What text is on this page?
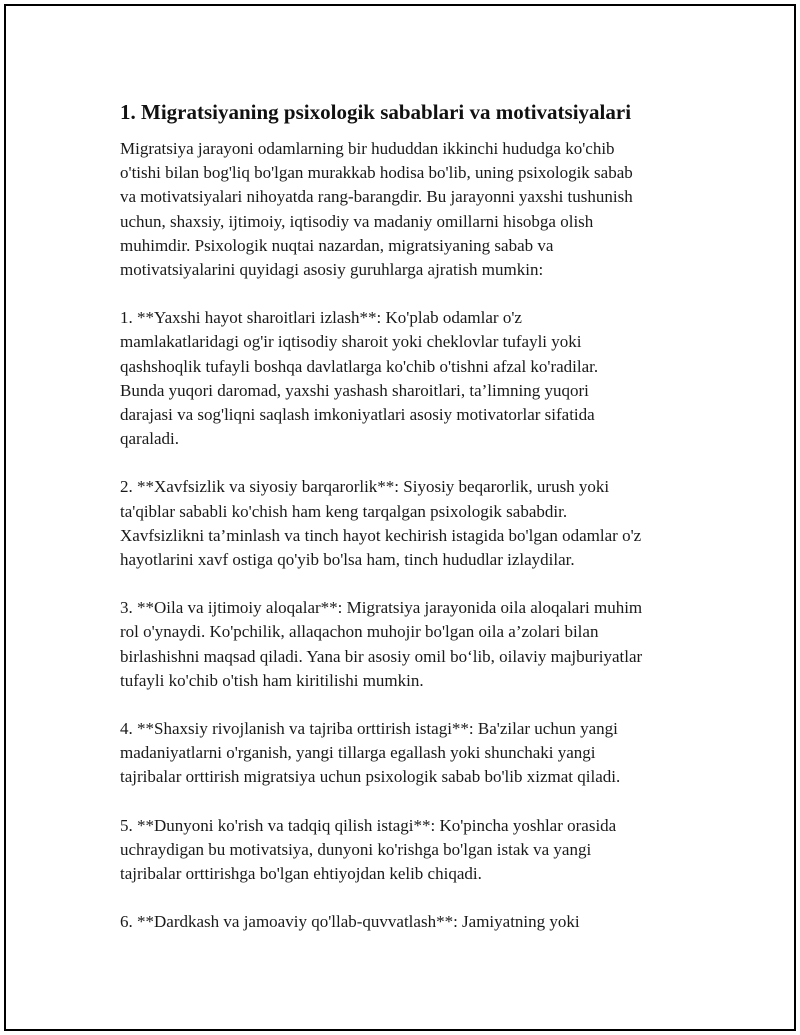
1. Migratsiyaning psixologik sabablari va motivatsiyalari

Migratsiya jarayoni odamlarning bir hududdan ikkinchi hududga ko'chib
o'tishi bilan bog'liq bo'lgan murakkab hodisa bo'lib, uning psixologik sabab
va motivatsiyalari nihoyatda rang-barangdir. Bu jarayonni yaxshi tushunish
uchun, shaxsiy, ijtimoiy, iqtisodiy va madaniy omillarni hisobga olish
muhimdir. Psixologik nuqtai nazardan, migratsiyaning sabab va
motivatsiyalarini quyidagi asosiy guruhlarga ajratish mumkin:

1. **Yaxshi hayot sharoitlari izlash**: Ko'plab odamlar o'z
mamlakatlaridagi og'ir iqtisodiy sharoit yoki cheklovlar tufayli yoki
qashshoqlik tufayli boshqa davlatlarga ko'chib o'tishni afzal ko'radilar.
Bunda yuqori daromad, yaxshi yashash sharoitlari, ta’limning yuqori
darajasi va sog'liqni saqlash imkoniyatlari asosiy motivatorlar sifatida
qaraladi.

2. **Xavfsizlik va siyosiy barqarorlik**: Siyosiy beqarorlik, urush yoki
ta'qiblar sababli ko'chish ham keng tarqalgan psixologik sababdir.
Xavfsizlikni ta’minlash va tinch hayot kechirish istagida bo'lgan odamlar o'z
hayotlarini xavf ostiga qo'yib bo'lsa ham, tinch hududlar izlaydilar.

3. **Oila va ijtimoiy aloqalar**: Migratsiya jarayonida oila aloqalari muhim
rol o'ynaydi. Ko'pchilik, allaqachon muhojir bo'lgan oila a’zolari bilan
birlashishni maqsad qiladi. Yana bir asosiy omil bo‘lib, oilaviy majburiyatlar
tufayli ko'chib o'tish ham kiritilishi mumkin.

4. **Shaxsiy rivojlanish va tajriba orttirish istagi**: Ba'zilar uchun yangi
madaniyatlarni o'rganish, yangi tillarga egallash yoki shunchaki yangi
tajribalar orttirish migratsiya uchun psixologik sabab bo'lib xizmat qiladi.

5. **Dunyoni ko'rish va tadqiq qilish istagi**: Ko'pincha yoshlar orasida
uchraydigan bu motivatsiya, dunyoni ko'rishga bo'lgan istak va yangi
tajribalar orttirishga bo'lgan ehtiyojdan kelib chiqadi.

6. **Dardkash va jamoaviy qo'llab-quvvatlash**: Jamiyatning yoki
